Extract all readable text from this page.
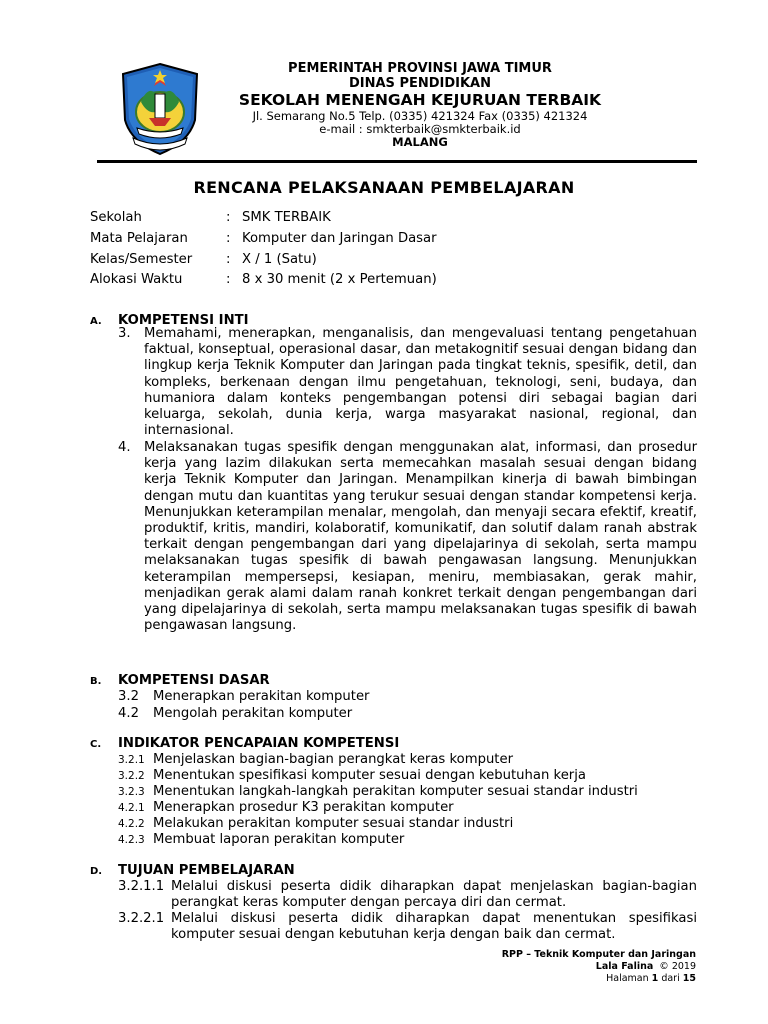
PEMERINTAH PROVINSI JAWA TIMUR
DINAS PENDIDIKAN
SEKOLAH MENENGAH KEJURUAN TERBAIK
Jl. Semarang No.5 Telp. (0335) 421324 Fax (0335) 421324
e-mail : smkterbaik@smkterbaik.id
MALANG
RENCANA PELAKSANAAN PEMBELAJARAN
Sekolah	: SMK TERBAIK
Mata Pelajaran	: Komputer dan Jaringan Dasar
Kelas/Semester	: X / 1 (Satu)
Alokasi Waktu	: 8 x 30 menit (2 x Pertemuan)
A. KOMPETENSI INTI
3. Memahami, menerapkan, menganalisis, dan mengevaluasi tentang pengetahuan faktual, konseptual, operasional dasar, dan metakognitif sesuai dengan bidang dan lingkup kerja Teknik Komputer dan Jaringan pada tingkat teknis, spesifik, detil, dan kompleks, berkenaan dengan ilmu pengetahuan, teknologi, seni, budaya, dan humaniora dalam konteks pengembangan potensi diri sebagai bagian dari keluarga, sekolah, dunia kerja, warga masyarakat nasional, regional, dan internasional.
4. Melaksanakan tugas spesifik dengan menggunakan alat, informasi, dan prosedur kerja yang lazim dilakukan serta memecahkan masalah sesuai dengan bidang kerja Teknik Komputer dan Jaringan. Menampilkan kinerja di bawah bimbingan dengan mutu dan kuantitas yang terukur sesuai dengan standar kompetensi kerja. Menunjukkan keterampilan menalar, mengolah, dan menyaji secara efektif, kreatif, produktif, kritis, mandiri, kolaboratif, komunikatif, dan solutif dalam ranah abstrak terkait dengan pengembangan dari yang dipelajarinya di sekolah, serta mampu melaksanakan tugas spesifik di bawah pengawasan langsung. Menunjukkan keterampilan mempersepsi, kesiapan, meniru, membiasakan, gerak mahir, menjadikan gerak alami dalam ranah konkret terkait dengan pengembangan dari yang dipelajarinya di sekolah, serta mampu melaksanakan tugas spesifik di bawah pengawasan langsung.
B. KOMPETENSI DASAR
3.2 Menerapkan perakitan komputer
4.2 Mengolah perakitan komputer
C. INDIKATOR PENCAPAIAN KOMPETENSI
3.2.1 Menjelaskan bagian-bagian perangkat keras komputer
3.2.2 Menentukan spesifikasi komputer sesuai dengan kebutuhan kerja
3.2.3 Menentukan langkah-langkah perakitan komputer sesuai standar industri
4.2.1 Menerapkan prosedur K3 perakitan komputer
4.2.2 Melakukan perakitan komputer sesuai standar industri
4.2.3 Membuat laporan perakitan komputer
D. TUJUAN PEMBELAJARAN
3.2.1.1 Melalui diskusi peserta didik diharapkan dapat menjelaskan bagian-bagian perangkat keras komputer dengan percaya diri dan cermat.
3.2.2.1 Melalui diskusi peserta didik diharapkan dapat menentukan spesifikasi komputer sesuai dengan kebutuhan kerja dengan baik dan cermat.
RPP – Teknik Komputer dan Jaringan
Lala Falina © 2019
Halaman 1 dari 15
